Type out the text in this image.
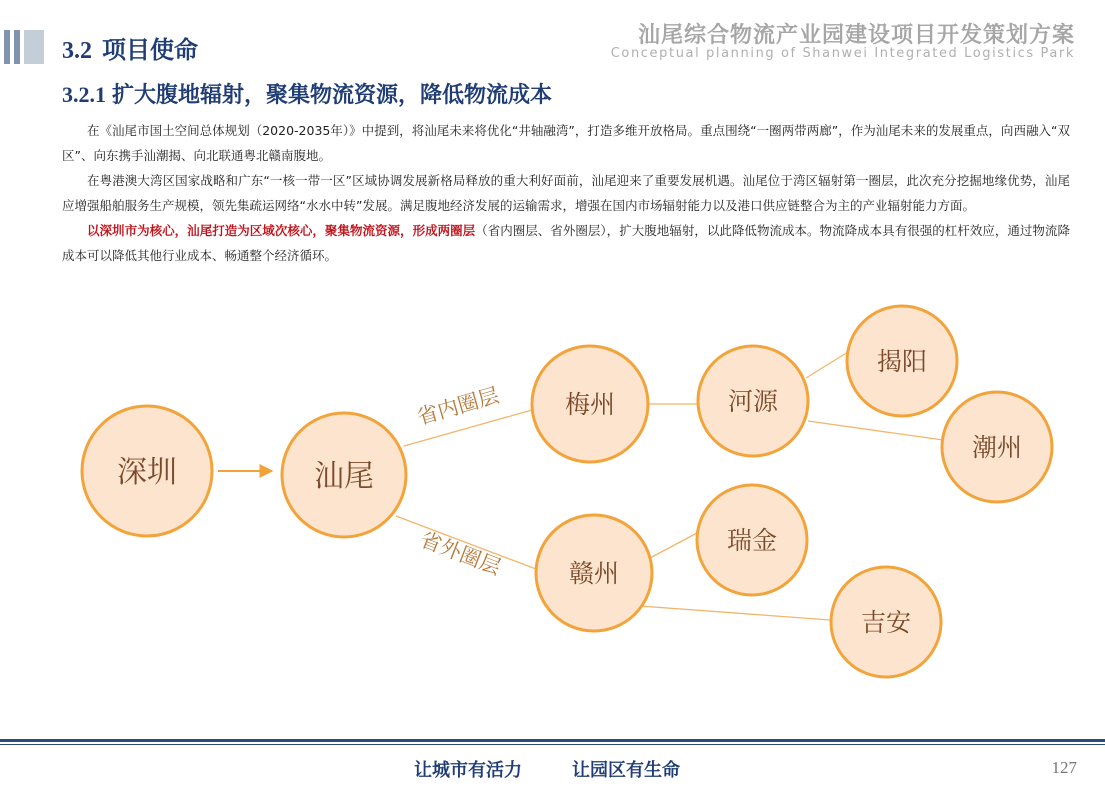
3.2 项目使命
汕尾综合物流产业园建设项目开发策划方案
Conceptual planning of Shanwei Integrated Logistics Park
3.2.1 扩大腹地辐射，聚集物流资源，降低物流成本

在《汕尾市国土空间总体规划（2020-2035年）》中提到，将汕尾未来将优化“井轴融湾”，打造多维开放格局。重点围绕“一圈两带两廊”，作为汕尾未来的发展重点，向西融入“双区”、向东携手汕潮揭、向北联通粤北赣南腹地。

在粤港澳大湾区国家战略和广东“一核一带一区”区域协调发展新格局释放的重大利好面前，汕尾迎来了重要发展机遇。汕尾位于湾区辐射第一圈层，此次充分挖掘地缘优势，汕尾应增强船舶服务生产规模，领先集疏运网络“水水中转”发展。满足腹地经济发展的运输需求，增强在国内市场辐射能力以及港口供应链整合为主的产业辐射能力方面。

以深圳市为核心，汕尾打造为区域次核心，聚集物流资源，形成两圈层（省内圈层、省外圈层），扩大腹地辐射，以此降低物流成本。物流降成本具有很强的杠杆效应，通过物流降成本可以降低其他行业成本、畅通整个经济循环。

省内圈层
省外圈层
深圳	汕尾
梅州	河源
揭阳
潮州
赣州
瑞金
吉安
让城市有活力	让园区有生命	127
